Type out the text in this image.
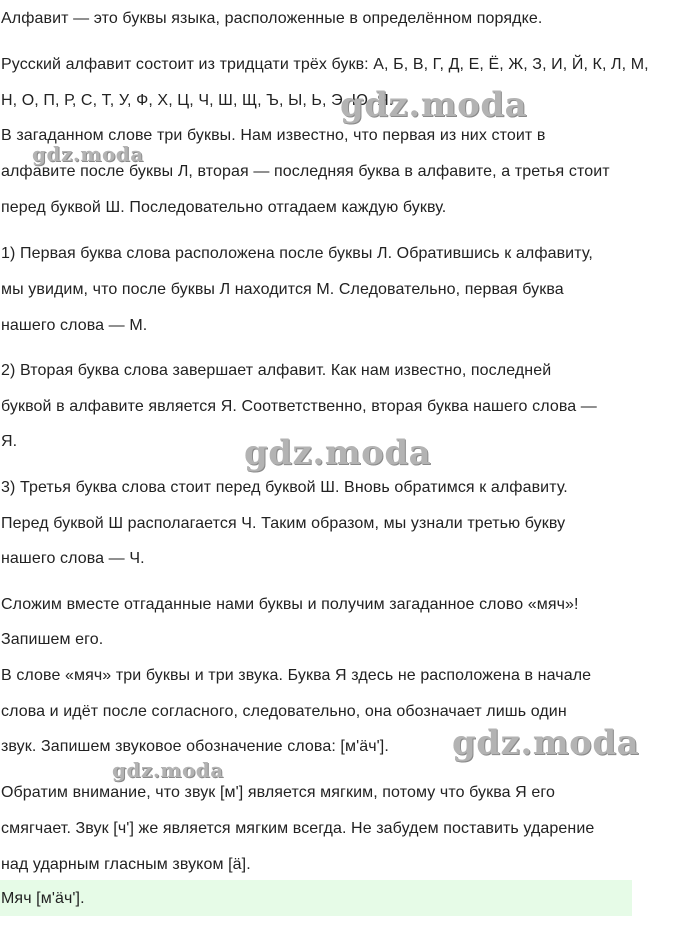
Алфавит — это буквы языка, расположенные в определённом порядке.
Русский алфавит состоит из тридцати трёх букв: А, Б, В, Г, Д, Е, Ё, Ж, З, И, Й, К, Л, М,
Н, О, П, Р, С, Т, У, Ф, Х, Ц, Ч, Ш, Щ, Ъ, Ы, Ь, Э, Ю, Я.
В загаданном слове три буквы. Нам известно, что первая из них стоит в
алфавите после буквы Л, вторая — последняя буква в алфавите, а третья стоит
перед буквой Ш. Последовательно отгадаем каждую букву.
1) Первая буква слова расположена после буквы Л. Обратившись к алфавиту,
мы увидим, что после буквы Л находится М. Следовательно, первая буква
нашего слова — М.
2) Вторая буква слова завершает алфавит. Как нам известно, последней
буквой в алфавите является Я. Соответственно, вторая буква нашего слова —
Я.
3) Третья буква слова стоит перед буквой Ш. Вновь обратимся к алфавиту.
Перед буквой Ш располагается Ч. Таким образом, мы узнали третью букву
нашего слова — Ч.
Сложим вместе отгаданные нами буквы и получим загаданное слово «мяч»!
Запишем его.
В слове «мяч» три буквы и три звука. Буква Я здесь не расположена в начале
слова и идёт после согласного, следовательно, она обозначает лишь один
звук. Запишем звуковое обозначение слова: [м'ӓч'].
Обратим внимание, что звук [м'] является мягким, потому что буква Я его
смягчает. Звук [ч'] же является мягким всегда. Не забудем поставить ударение
над ударным гласным звуком [ӓ].
Мяч [м'ӓч'].
gdz.moda
gdz.moda
gdz.moda
gdz.moda
gdz.moda
